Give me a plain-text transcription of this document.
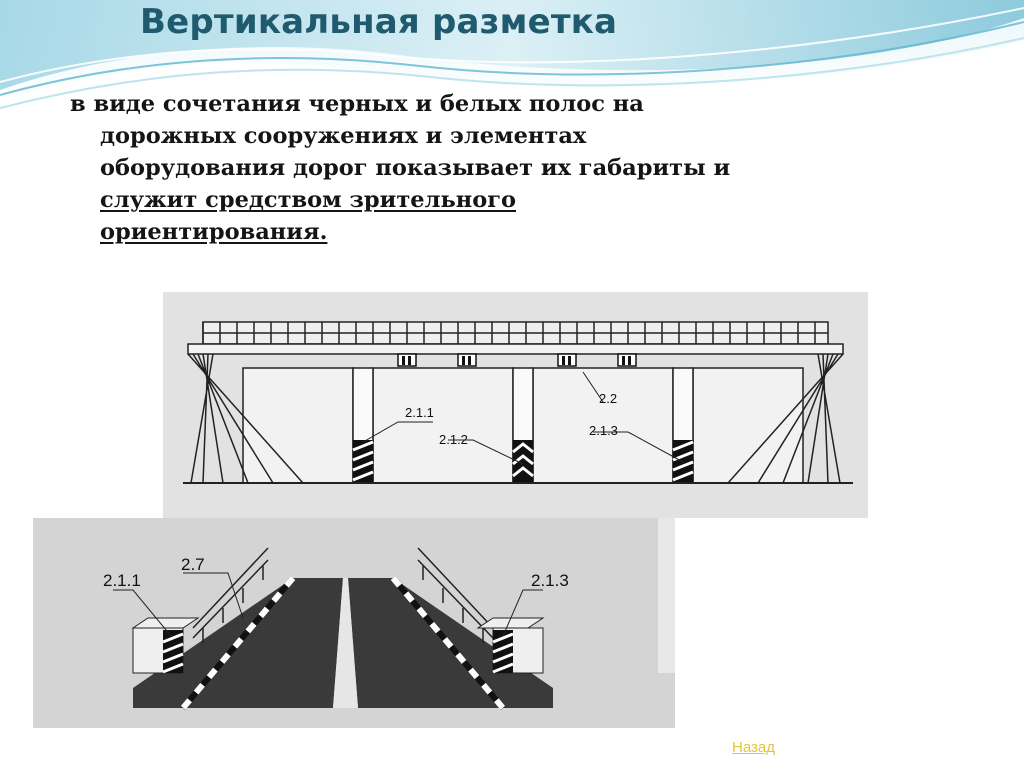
Вертикальная разметка
в виде сочетания черных и белых полос на

дорожных сооружениях и элементах
оборудования дорог показывает их габариты и
служит средством зрительного
ориентирования.
2.1.1
2.1.2
2.2
2.1.3
2.1.1
2.7
2.1.3
Назад
